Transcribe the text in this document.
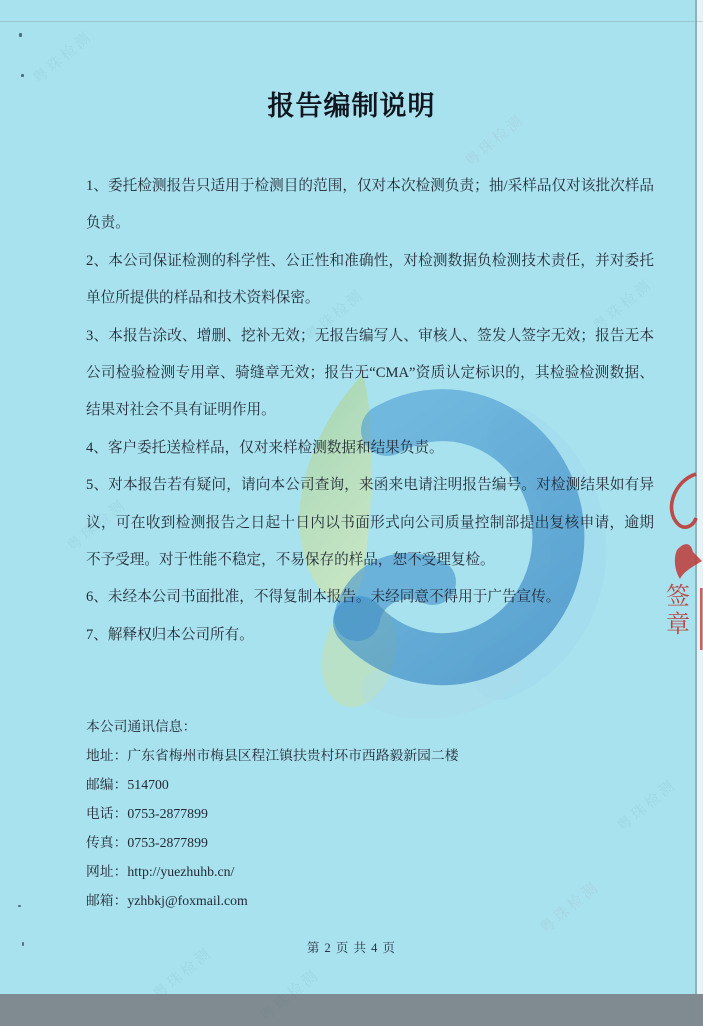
粤珠检测
粤珠检测
粤珠检测
粤珠检测
粤珠检测
粤珠检测
粤珠检测
粤珠检测	粤珠检测
报告编制说明

1、委托检测报告只适用于检测目的范围，仅对本次检测负责；抽/采样品仅对该批次样品负责。

2、本公司保证检测的科学性、公正性和准确性，对检测数据负检测技术责任，并对委托单位所提供的样品和技术资料保密。

3、本报告涂改、增删、挖补无效；无报告编写人、审核人、签发人签字无效；报告无本公司检验检测专用章、骑缝章无效；报告无“CMA”资质认定标识的，其检验检测数据、结果对社会不具有证明作用。

4、客户委托送检样品，仅对来样检测数据和结果负责。

5、对本报告若有疑问，请向本公司查询，来函来电请注明报告编号。对检测结果如有异议，可在收到检测报告之日起十日内以书面形式向公司质量控制部提出复核申请，逾期不予受理。对于性能不稳定，不易保存的样品，恕不受理复检。

6、未经本公司书面批准，不得复制本报告。未经同意不得用于广告宣传。

7、解释权归本公司所有。

本公司通讯信息：
地址：广东省梅州市梅县区程江镇扶贵村环市西路毅新园二楼
邮编：514700
电话：0753-2877899
传真：0753-2877899
网址：http://yuezhuhb.cn/
邮箱：yzhbkj@foxmail.com
签
章
第 2 页 共 4 页
